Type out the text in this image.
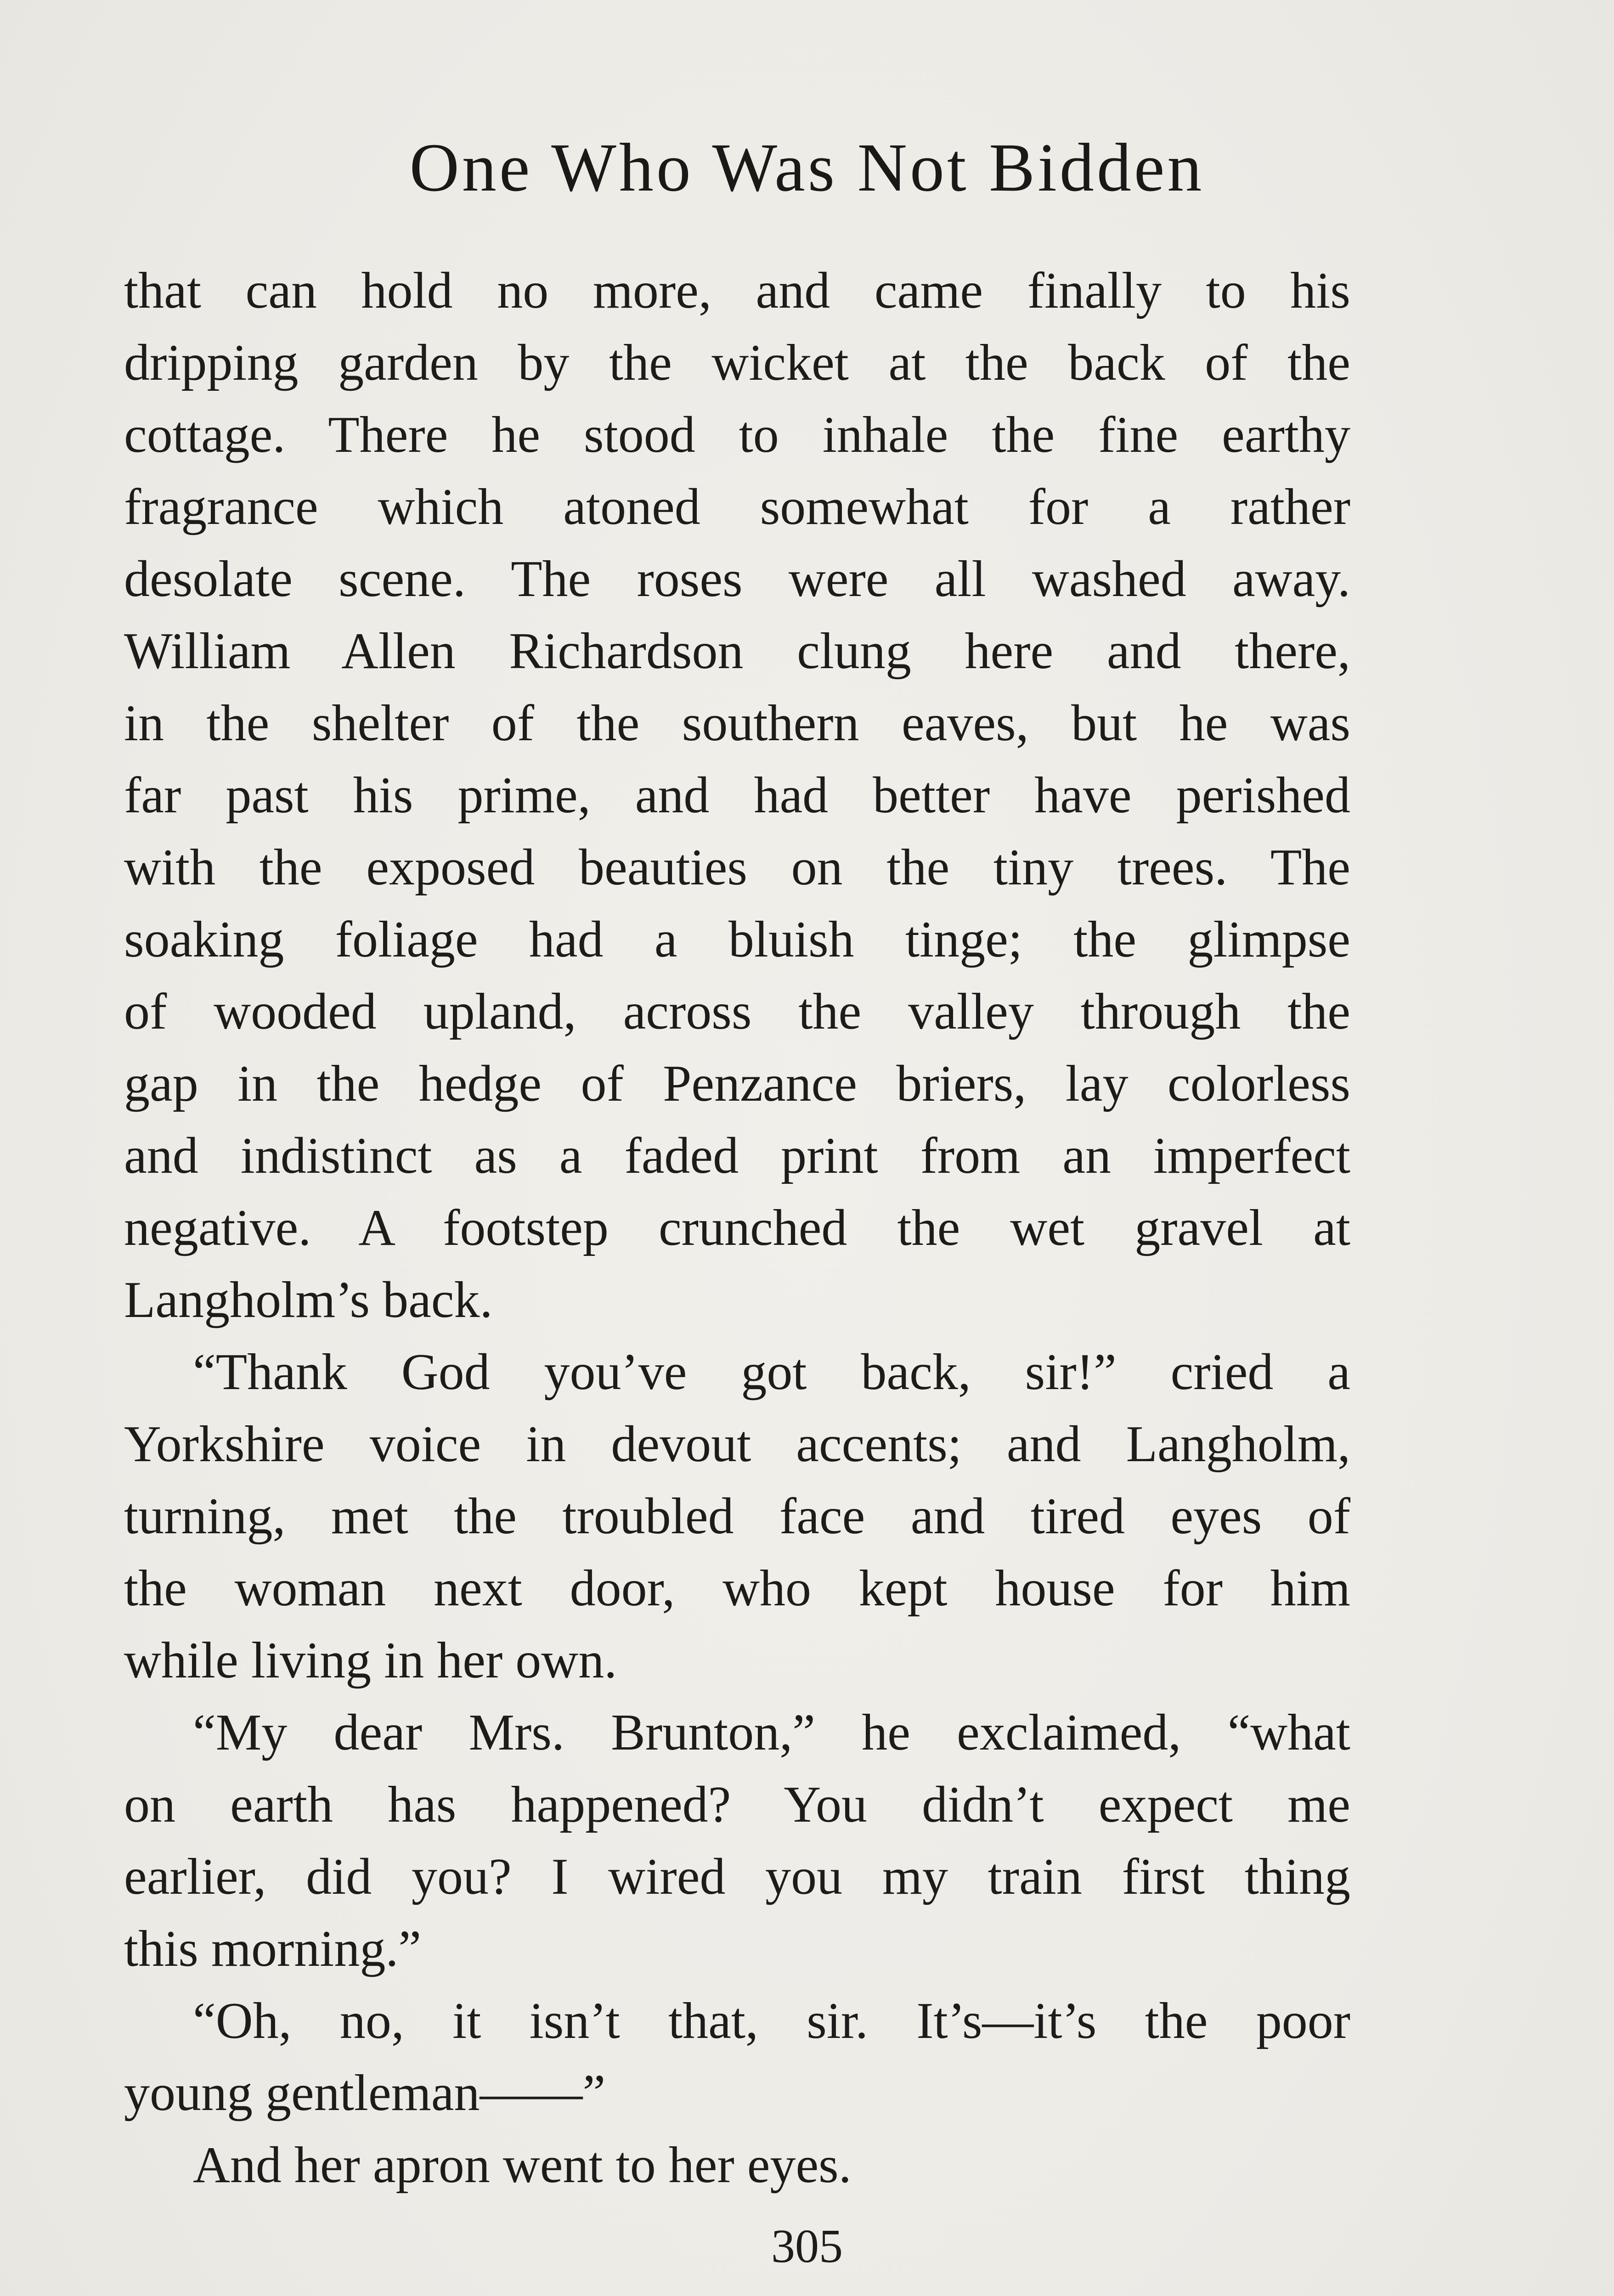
One Who Was Not Bidden
that can hold no more, and came finally to his
dripping garden by the wicket at the back of the
cottage. There he stood to inhale the fine earthy
fragrance which atoned somewhat for a rather
desolate scene. The roses were all washed away.
William Allen Richardson clung here and there,
in the shelter of the southern eaves, but he was
far past his prime, and had better have perished
with the exposed beauties on the tiny trees. The
soaking foliage had a bluish tinge; the glimpse
of wooded upland, across the valley through the
gap in the hedge of Penzance briers, lay colorless
and indistinct as a faded print from an imperfect
negative. A footstep crunched the wet gravel at
Langholm’s back.
“Thank God you’ve got back, sir!” cried a
Yorkshire voice in devout accents; and Langholm,
turning, met the troubled face and tired eyes of
the woman next door, who kept house for him
while living in her own.
“My dear Mrs. Brunton,” he exclaimed, “what
on earth has happened? You didn’t expect me
earlier, did you? I wired you my train first thing
this morning.”
“Oh, no, it isn’t that, sir. It’s—it’s the poor
young gentleman——”
And her apron went to her eyes.
305
